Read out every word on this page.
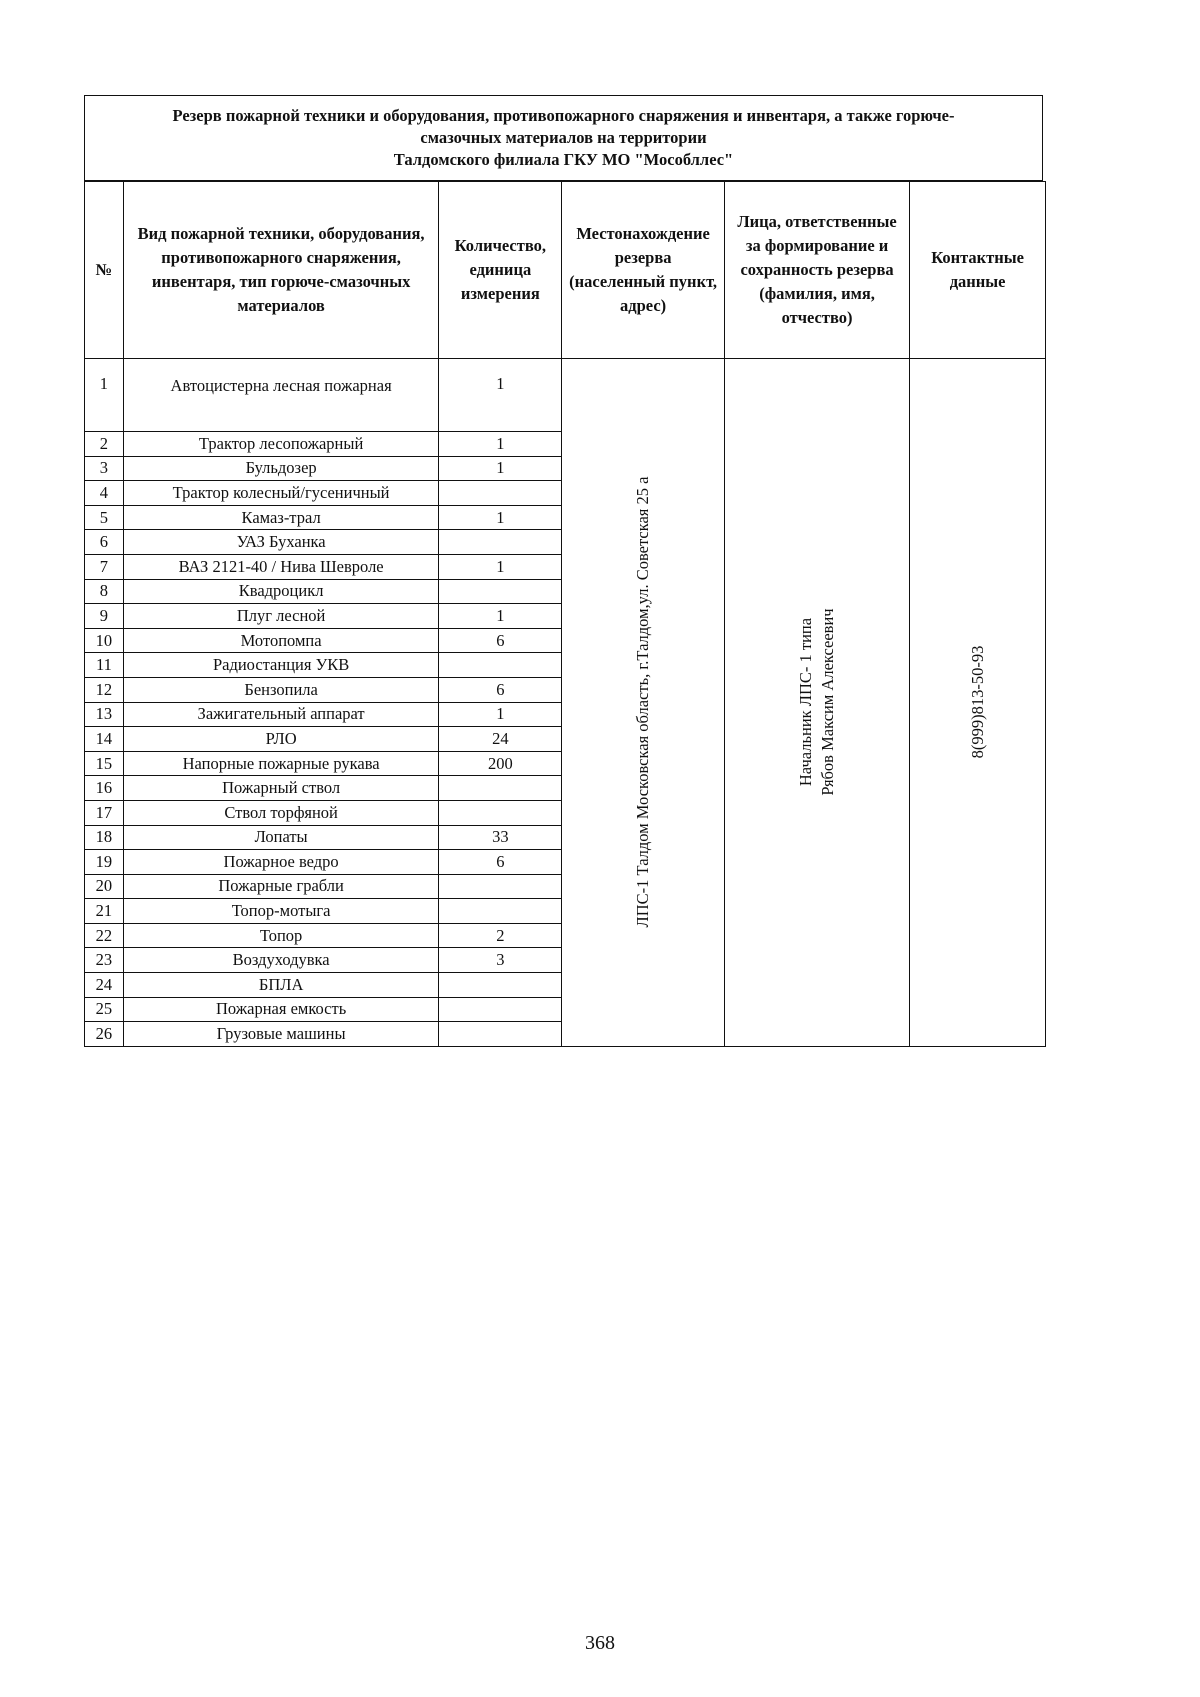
Резерв пожарной техники и оборудования, противопожарного снаряжения и инвентаря, а также горюче-
смазочных материалов на территории
Талдомского филиала ГКУ МО "Мособллес"
№	Вид пожарной техники, оборудования, противопожарного снаряжения, инвентаря, тип горюче-смазочных материалов	Количество, единица измерения	Местонахождение резерва (населенный пункт, адрес)	Лица, ответственные за формирование и сохранность резерва (фамилия, имя, отчество)	Контактные данные
1	Автоцистерна лесная пожарная	1	ЛПС-1 Талдом Московская область, г.Талдом,ул. Советская 25 а	Начальник ЛПС- 1 типа Рябов Максим Алексеевич	8(999)813-50-93

2	Трактор лесопожарный	1			
3	Бульдозер	1			
4	Трактор колесный/гусеничный				
5	Камаз-трал	1			
6	УАЗ Буханка				
7	ВАЗ 2121-40 / Нива Шевроле	1			
8	Квадроцикл				
9	Плуг лесной	1			
10	Мотопомпа	6			
11	Радиостанция УКВ				
12	Бензопила	6			
13	Зажигательный аппарат	1			
14	РЛО	24			
15	Напорные пожарные рукава	200			
16	Пожарный ствол				
17	Ствол торфяной				
18	Лопаты	33			
19	Пожарное ведро	6			
20	Пожарные грабли				
21	Топор-мотыга				
22	Топор	2			
23	Воздуходувка	3			
24	БПЛА				
25	Пожарная емкость				
26	Грузовые машины				
368
